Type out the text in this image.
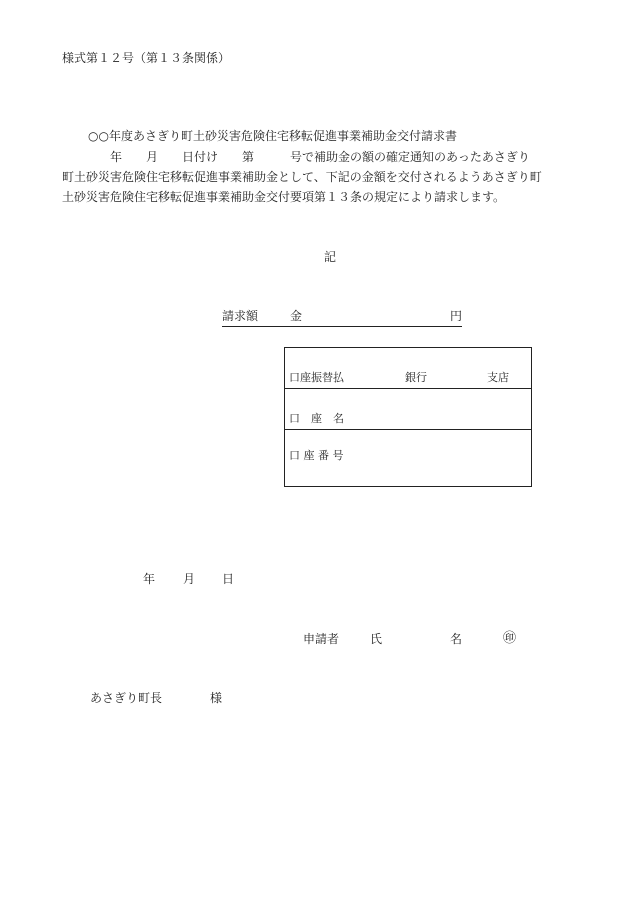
様式第１２号（第１３条関係）
○○年度あさぎり町土砂災害危険住宅移転促進事業補助金交付請求書
　　　　年　　月　　日付け　　第　　　号で補助金の額の確定通知のあったあさぎり
町土砂災害危険住宅移転促進事業補助金として、下記の金額を交付されるようあさぎり町
土砂災害危険住宅移転促進事業補助金交付要項第１３条の規定により請求します。
記
請求額	金	円
口座振替払	銀行	支店
口　座　名
口 座 番 号
年 月 日
申請者	氏	名	㊞
あさぎり町長	様
